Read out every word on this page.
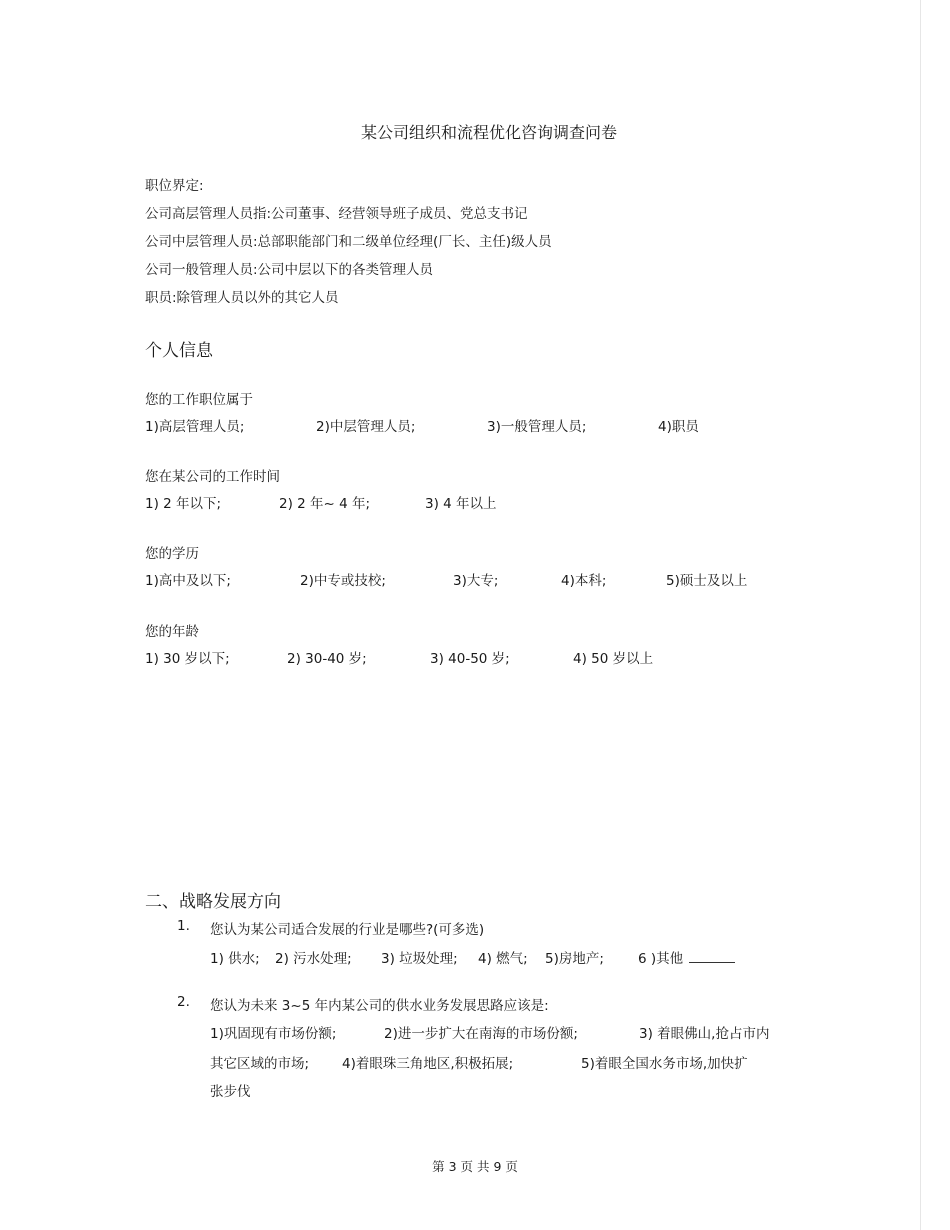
某公司组织和流程优化咨询调查问卷
职位界定:
公司高层管理人员指:公司董事、经营领导班子成员、党总支书记
公司中层管理人员:总部职能部门和二级单位经理(厂长、主任)级人员
公司一般管理人员:公司中层以下的各类管理人员
职员:除管理人员以外的其它人员
个人信息
您的工作职位属于
1)高层管理人员;	2)中层管理人员;	3)一般管理人员;	4)职员
您在某公司的工作时间
1) 2 年以下;	2) 2 年~ 4 年;	3) 4 年以上
您的学历
1)高中及以下;	2)中专或技校;	3)大专;	4)本科;	5)硕士及以上
您的年龄
1) 30 岁以下;	2) 30-40 岁;	3) 40-50 岁;	4) 50 岁以上
二、战略发展方向
1. 您认为某公司适合发展的行业是哪些?(可多选)
1) 供水; 2) 污水处理; 3) 垃圾处理; 4) 燃气; 5)房地产;	6 )其他
2. 您认为未来 3~5 年内某公司的供水业务发展思路应该是:
1)巩固现有市场份额;	2)进一步扩大在南海的市场份额;	3) 着眼佛山,抢占市内
其它区域的市场; 4)着眼珠三角地区,积极拓展;	5)着眼全国水务市场,加快扩
张步伐
第 3 页 共 9 页
